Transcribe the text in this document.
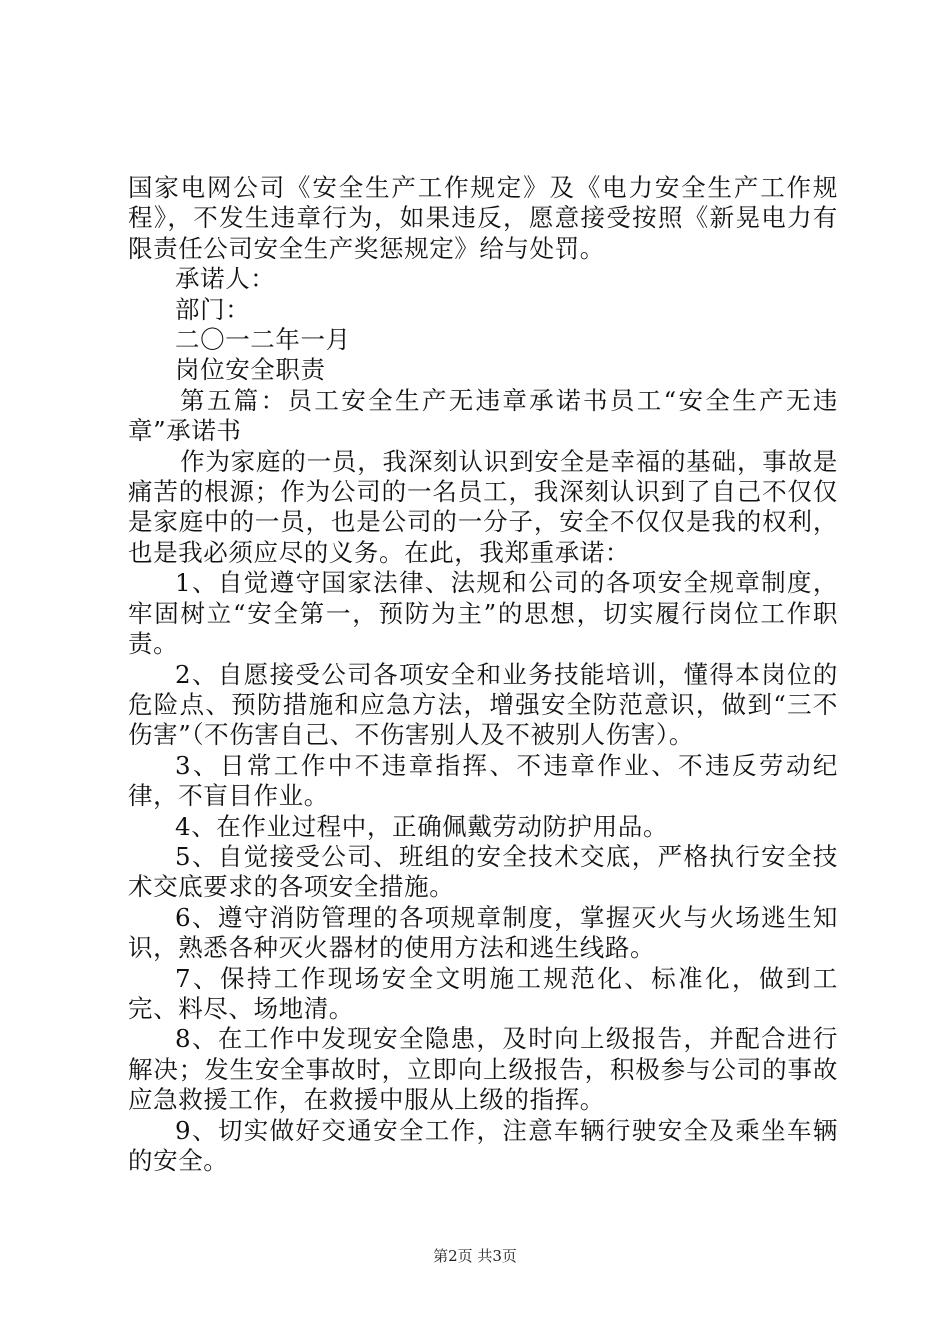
国家电网公司《安全生产工作规定》及《电力安全生产工作规程》，不发生违章行为，如果违反，愿意接受按照《新晃电力有限责任公司安全生产奖惩规定》给与处罚。

承诺人：

部门：

二〇一二年一月

岗位安全职责

第五篇：员工安全生产无违章承诺书员工“安全生产无违章”承诺书

作为家庭的一员，我深刻认识到安全是幸福的基础，事故是痛苦的根源；作为公司的一名员工，我深刻认识到了自己不仅仅是家庭中的一员，也是公司的一分子，安全不仅仅是我的权利，也是我必须应尽的义务。在此，我郑重承诺：

1、自觉遵守国家法律、法规和公司的各项安全规章制度，牢固树立“安全第一，预防为主”的思想，切实履行岗位工作职责。

2、自愿接受公司各项安全和业务技能培训，懂得本岗位的危险点、预防措施和应急方法，增强安全防范意识，做到“三不伤害”（不伤害自己、不伤害别人及不被别人伤害）。

3、日常工作中不违章指挥、不违章作业、不违反劳动纪律，不盲目作业。

4、在作业过程中，正确佩戴劳动防护用品。

5、自觉接受公司、班组的安全技术交底，严格执行安全技术交底要求的各项安全措施。

6、遵守消防管理的各项规章制度，掌握灭火与火场逃生知识，熟悉各种灭火器材的使用方法和逃生线路。

7、保持工作现场安全文明施工规范化、标准化，做到工完、料尽、场地清。

8、在工作中发现安全隐患，及时向上级报告，并配合进行解决；发生安全事故时，立即向上级报告，积极参与公司的事故应急救援工作，在救援中服从上级的指挥。

9、切实做好交通安全工作，注意车辆行驶安全及乘坐车辆的安全。

第2页 共3页
